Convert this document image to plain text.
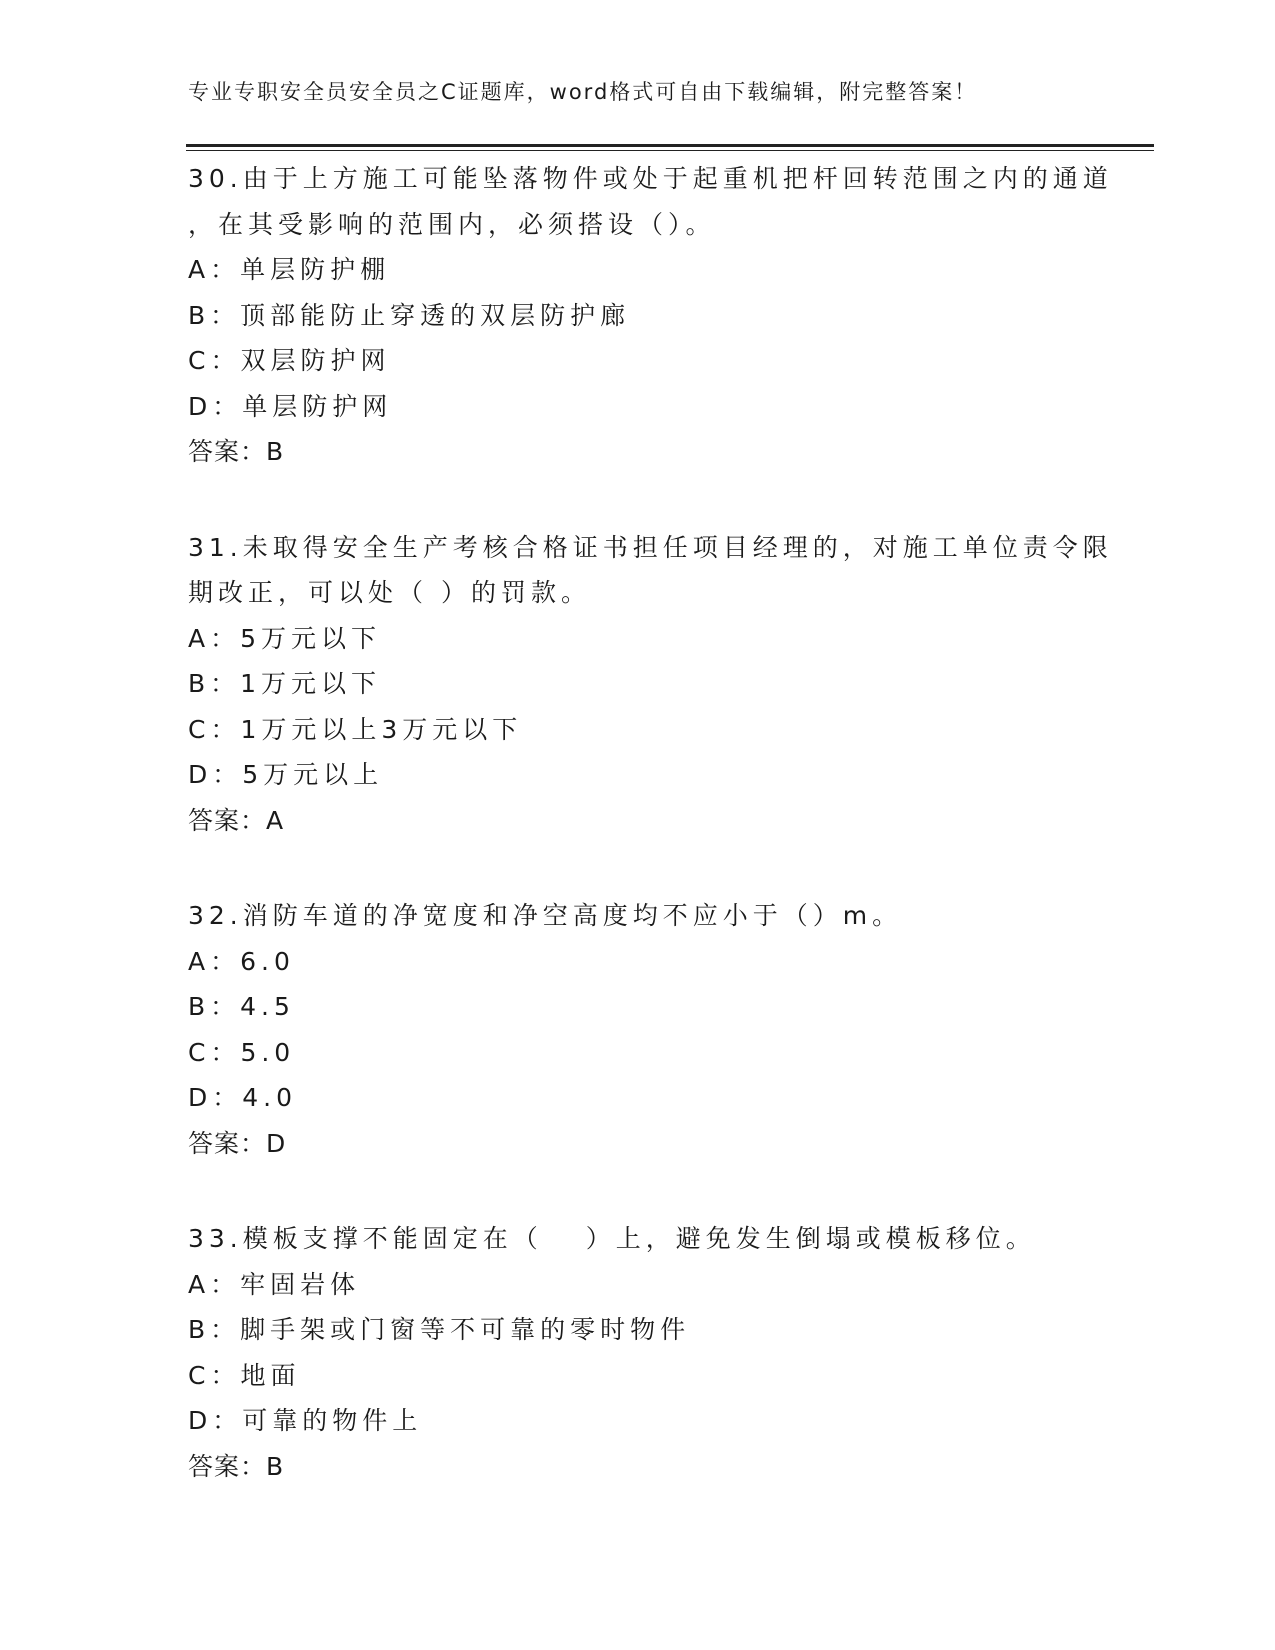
专业专职安全员安全员之C证题库，word格式可自由下载编辑，附完整答案！
30.由于上方施工可能坠落物件或处于起重机把杆回转范围之内的通道
，在其受影响的范围内，必须搭设（）。
A：单层防护棚
B：顶部能防止穿透的双层防护廊
C：双层防护网
D：单层防护网
答案：B
31.未取得安全生产考核合格证书担任项目经理的，对施工单位责令限
期改正，可以处（ ）的罚款。
A：5万元以下
B：1万元以下
C：1万元以上3万元以下
D：5万元以上
答案：A
32.消防车道的净宽度和净空高度均不应小于（）m。
A：6.0
B：4.5
C：5.0
D：4.0
答案：D
33.模板支撑不能固定在（　 ）上，避免发生倒塌或模板移位。
A：牢固岩体
B：脚手架或门窗等不可靠的零时物件
C：地面
D：可靠的物件上
答案：B
